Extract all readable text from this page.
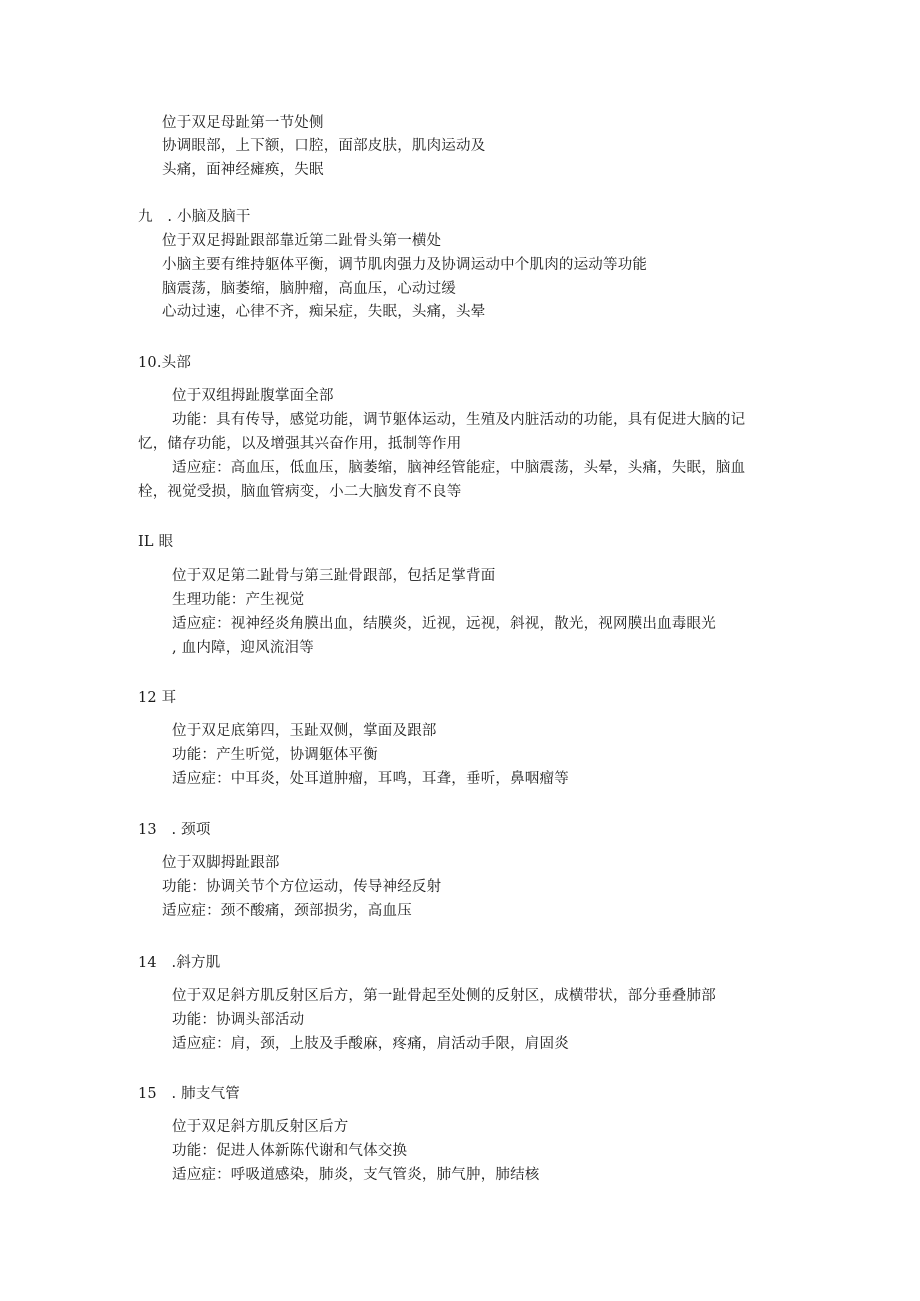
位于双足母趾第一节处侧
协调眼部，上下额，口腔，面部皮肤，肌肉运动及
头痛，面神经瘫痪，失眠
九　. 小脑及脑干
位于双足拇趾跟部靠近第二趾骨头第一横处
小脑主要有维持躯体平衡，调节肌肉强力及协调运动中个肌肉的运动等功能
脑震荡，脑萎缩，脑肿瘤，高血压，心动过缓
心动过速，心律不齐，痴呆症，失眠，头痛，头晕
10.头部
位于双组拇趾腹掌面全部
功能：具有传导，感觉功能，调节躯体运动，生殖及内脏活动的功能，具有促进大脑的记
忆，储存功能，以及增强其兴奋作用，抵制等作用
适应症：高血压，低血压，脑萎缩，脑神经管能症，中脑震荡，头晕，头痛，失眠，脑血
栓，视觉受损，脑血管病变，小二大脑发育不良等
IL 眼
位于双足第二趾骨与第三趾骨跟部，包括足掌背面
生理功能：产生视觉
适应症：视神经炎角膜出血，结膜炎，近视，远视，斜视，散光，视网膜出血毒眼光
, 血内障，迎风流泪等
12 耳
位于双足底第四，玉趾双侧，掌面及跟部
功能：产生听觉，协调躯体平衡
适应症：中耳炎，处耳道肿瘤，耳鸣，耳聋，垂听，鼻咽瘤等
13　. 颈项
位于双脚拇趾跟部
功能：协调关节个方位运动，传导神经反射
适应症：颈不酸痛，颈部损劣，高血压
14　.斜方肌
位于双足斜方肌反射区后方，第一趾骨起至处侧的反射区，成横带状，部分垂叠肺部
功能：协调头部活动
适应症：肩，颈，上肢及手酸麻，疼痛，肩活动手限，肩固炎
15　. 肺支气管
位于双足斜方肌反射区后方
功能：促进人体新陈代谢和气体交换
适应症：呼吸道感染，肺炎，支气管炎，肺气肿，肺结核
